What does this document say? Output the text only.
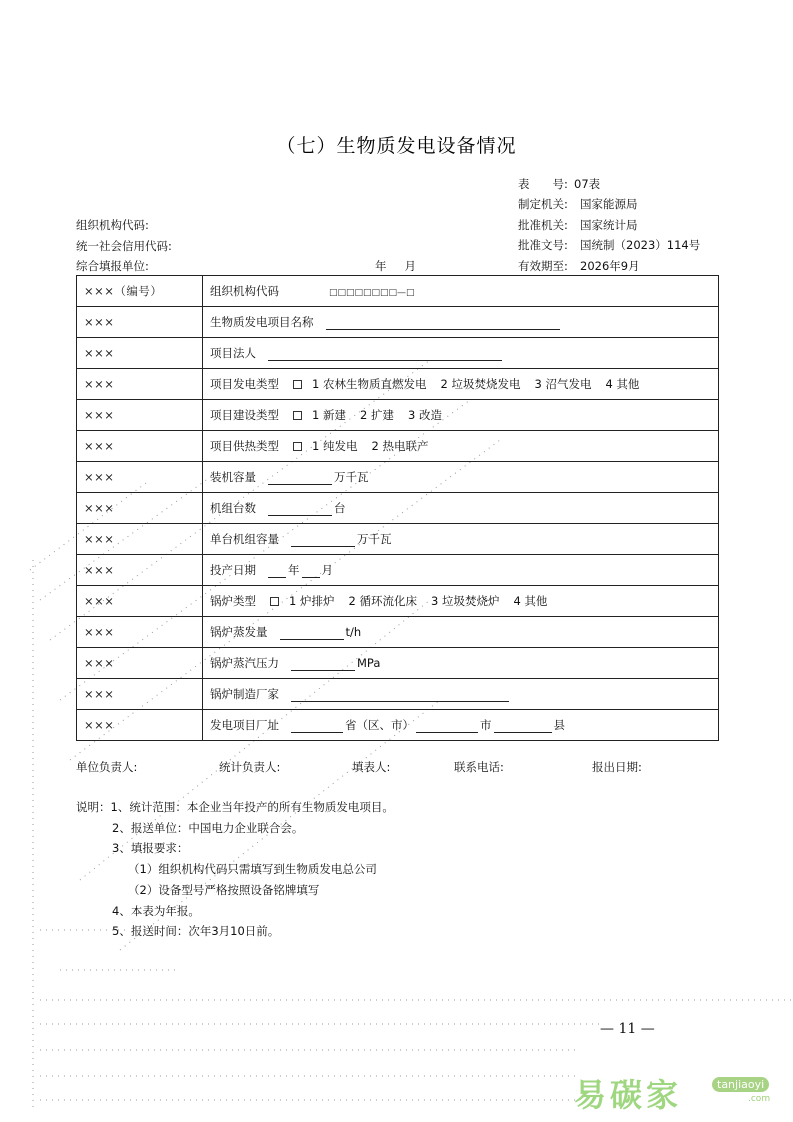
（七）生物质发电设备情况
组织机构代码:
统一社会信用代码:
综合填报单位:	年 月
表　　号: 07表
制定机关: 国家能源局
批准机关: 国家统计局
批准文号: 国统制（2023）114号
有效期至: 2026年9月
×××（编号）	组织机构代码 □□□□□□□□—□
×××	生物质发电项目名称
×××	项目法人
×××	项目发电类型 1 农林生物质直燃发电 2 垃圾焚烧发电 3 沼气发电 4 其他
×××	项目建设类型 1 新建 2 扩建 3 改造
×××	项目供热类型 1 纯发电 2 热电联产
×××	装机容量 万千瓦
×××	机组台数 台
×××	单台机组容量 万千瓦
×××	投产日期 年 月
×××	锅炉类型 1 炉排炉 2 循环流化床 3 垃圾焚烧炉 4 其他
×××	锅炉蒸发量 t/h
×××	锅炉蒸汽压力 MPa
×××	锅炉制造厂家
×××	发电项目厂址 省（区、市） 市 县
单位负责人:	统计负责人:	填表人:	联系电话:	报出日期:
说明：1、统计范围：本企业当年投产的所有生物质发电项目。
2、报送单位：中国电力企业联合会。
3、填报要求：
（1）组织机构代码只需填写到生物质发电总公司
（2）设备型号严格按照设备铭牌填写
4、本表为年报。
5、报送时间：次年3月10日前。
— 11 —
易碳家	tanjiaoyi
.com
